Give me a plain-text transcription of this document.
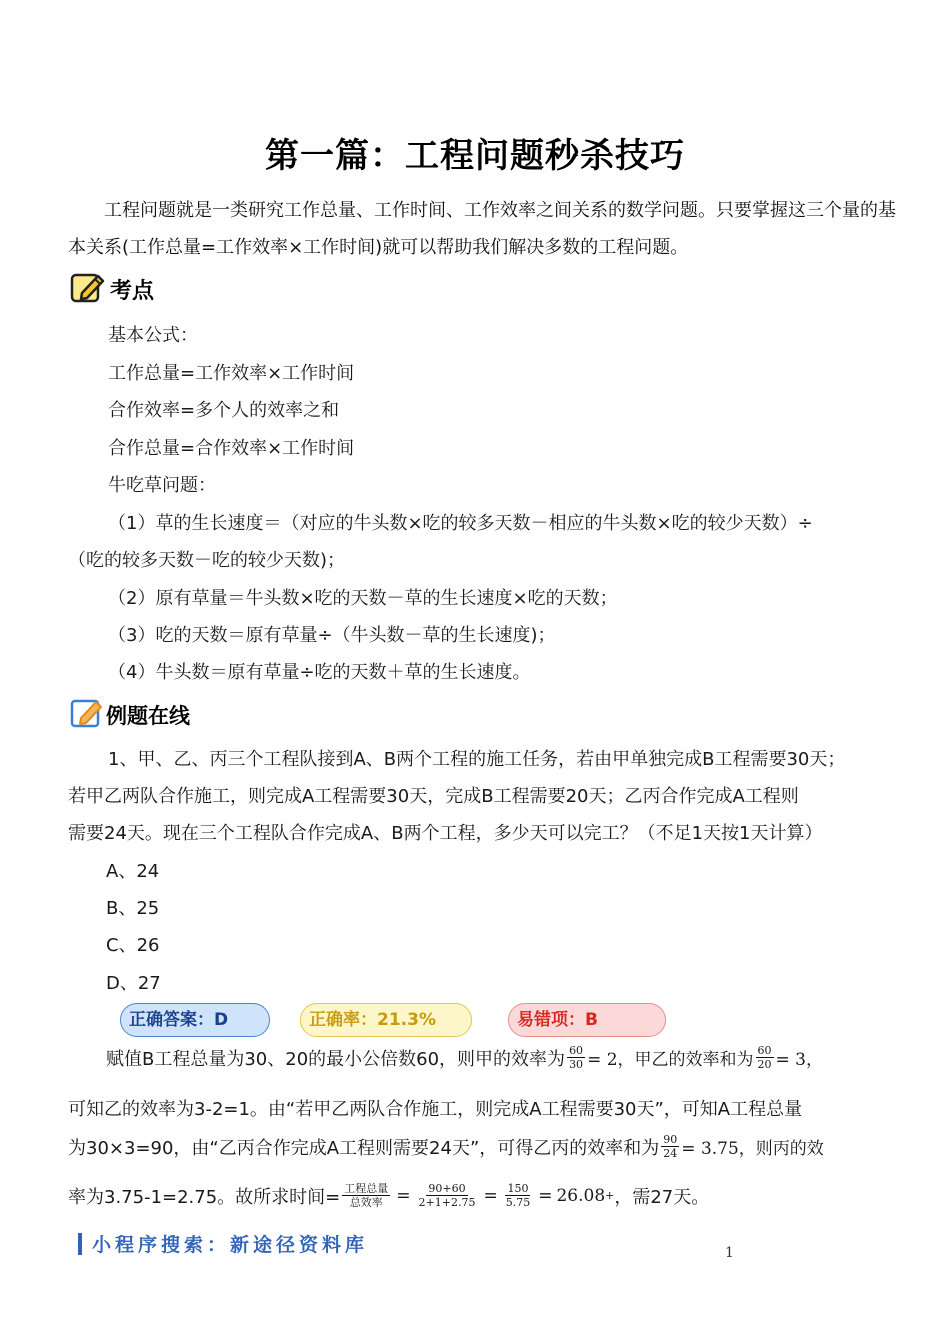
第一篇：工程问题秒杀技巧
工程问题就是一类研究工作总量、工作时间、工作效率之间关系的数学问题。只要掌握这三个量的基本关系(工作总量=工作效率×工作时间)就可以帮助我们解决多数的工程问题。
考点
基本公式：
工作总量=工作效率×工作时间
合作效率=多个人的效率之和
合作总量=合作效率×工作时间
牛吃草问题：
（1）草的生长速度＝（对应的牛头数×吃的较多天数－相应的牛头数×吃的较少天数）÷
（吃的较多天数－吃的较少天数)；
（2）原有草量＝牛头数×吃的天数－草的生长速度×吃的天数；
（3）吃的天数＝原有草量÷（牛头数－草的生长速度)；
（4）牛头数＝原有草量÷吃的天数＋草的生长速度。
例题在线
1、甲、乙、丙三个工程队接到A、B两个工程的施工任务，若由甲单独完成B工程需要30天；
若甲乙两队合作施工，则完成A工程需要30天，完成B工程需要20天；乙丙合作完成A工程则
需要24天。现在三个工程队合作完成A、B两个工程，多少天可以完工？（不足1天按1天计算）
A、24
B、25
C、26
D、27
正确答案：D	正确率：21.3%	易错项：B
赋值B工程总量为30、20的最小公倍数60，则甲的效率为 $\frac{60}{30} = 2$，甲乙的效率和为 $\frac{60}{20} = 3$，
可知乙的效率为3-2=1。由“若甲乙两队合作施工，则完成A工程需要30天”，可知A工程总量
为30×3=90，由“乙丙合作完成A工程则需要24天”，可得乙丙的效率和为 $\frac{90}{24} = 3.75$，则丙的效
率为3.75-1=2.75。故所求时间= $\frac{\text{工程总量}}{\text{总效率}} = \frac{90+60}{2+1+2.75} = \frac{150}{5.75} = 26.08$ + ，需27天。
小程序搜索：新途径资料库	1
